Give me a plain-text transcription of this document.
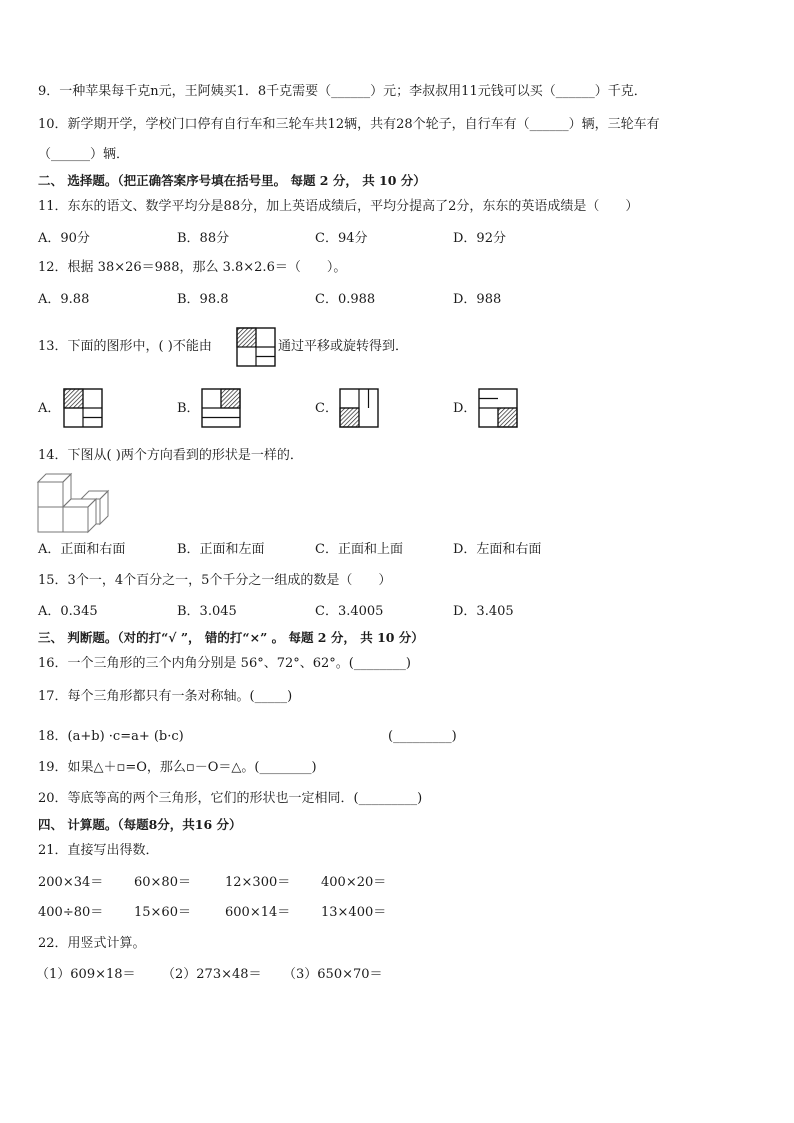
9．一种苹果每千克n元，王阿姨买1．8千克需要（______）元；李叔叔用11元钱可以买（______）千克．
10．新学期开学，学校门口停有自行车和三轮车共12辆，共有28个轮子，自行车有（______）辆，三轮车有
（______）辆．
二、 选择题。（把正确答案序号填在括号里。 每题 2 分， 共 10 分）
11．东东的语文、数学平均分是88分，加上英语成绩后，平均分提高了2分，东东的英语成绩是（　　）
A．90分	B．88分	C．94分	D．92分
12．根据 38×26＝988，那么 3.8×2.6＝（　　）。
A．9.88	B．98.8	C．0.988	D．988
13．下面的图形中，( )不能由	通过平移或旋转得到．
A．	B．	C．	D．
14．下图从( )两个方向看到的形状是一样的．
A．正面和右面	B．正面和左面	C．正面和上面	D．左面和右面
15．3个一，4个百分之一，5个千分之一组成的数是（　　）
A．0.345	B．3.045	C．3.4005	D．3.405
三、 判断题。（对的打“√ ”， 错的打“×” 。 每题 2 分， 共 10 分）
16．一个三角形的三个内角分别是 56°、72°、62°。(________)
17．每个三角形都只有一条对称轴。(_____)
18．(a+b) ·c=a+ (b·c)	(_________)
19．如果△＋▫=O，那么▫－O＝△。(________)
20．等底等高的两个三角形，它们的形状也一定相同．(_________)
四、 计算题。（每题8分，共16 分）
21．直接写出得数．
200×34＝ 60×80＝	12×300＝ 400×20＝
400÷80＝ 15×60＝	600×14＝ 13×400＝
22．用竖式计算。
（1）609×18＝ （2）273×48＝ （3）650×70＝
